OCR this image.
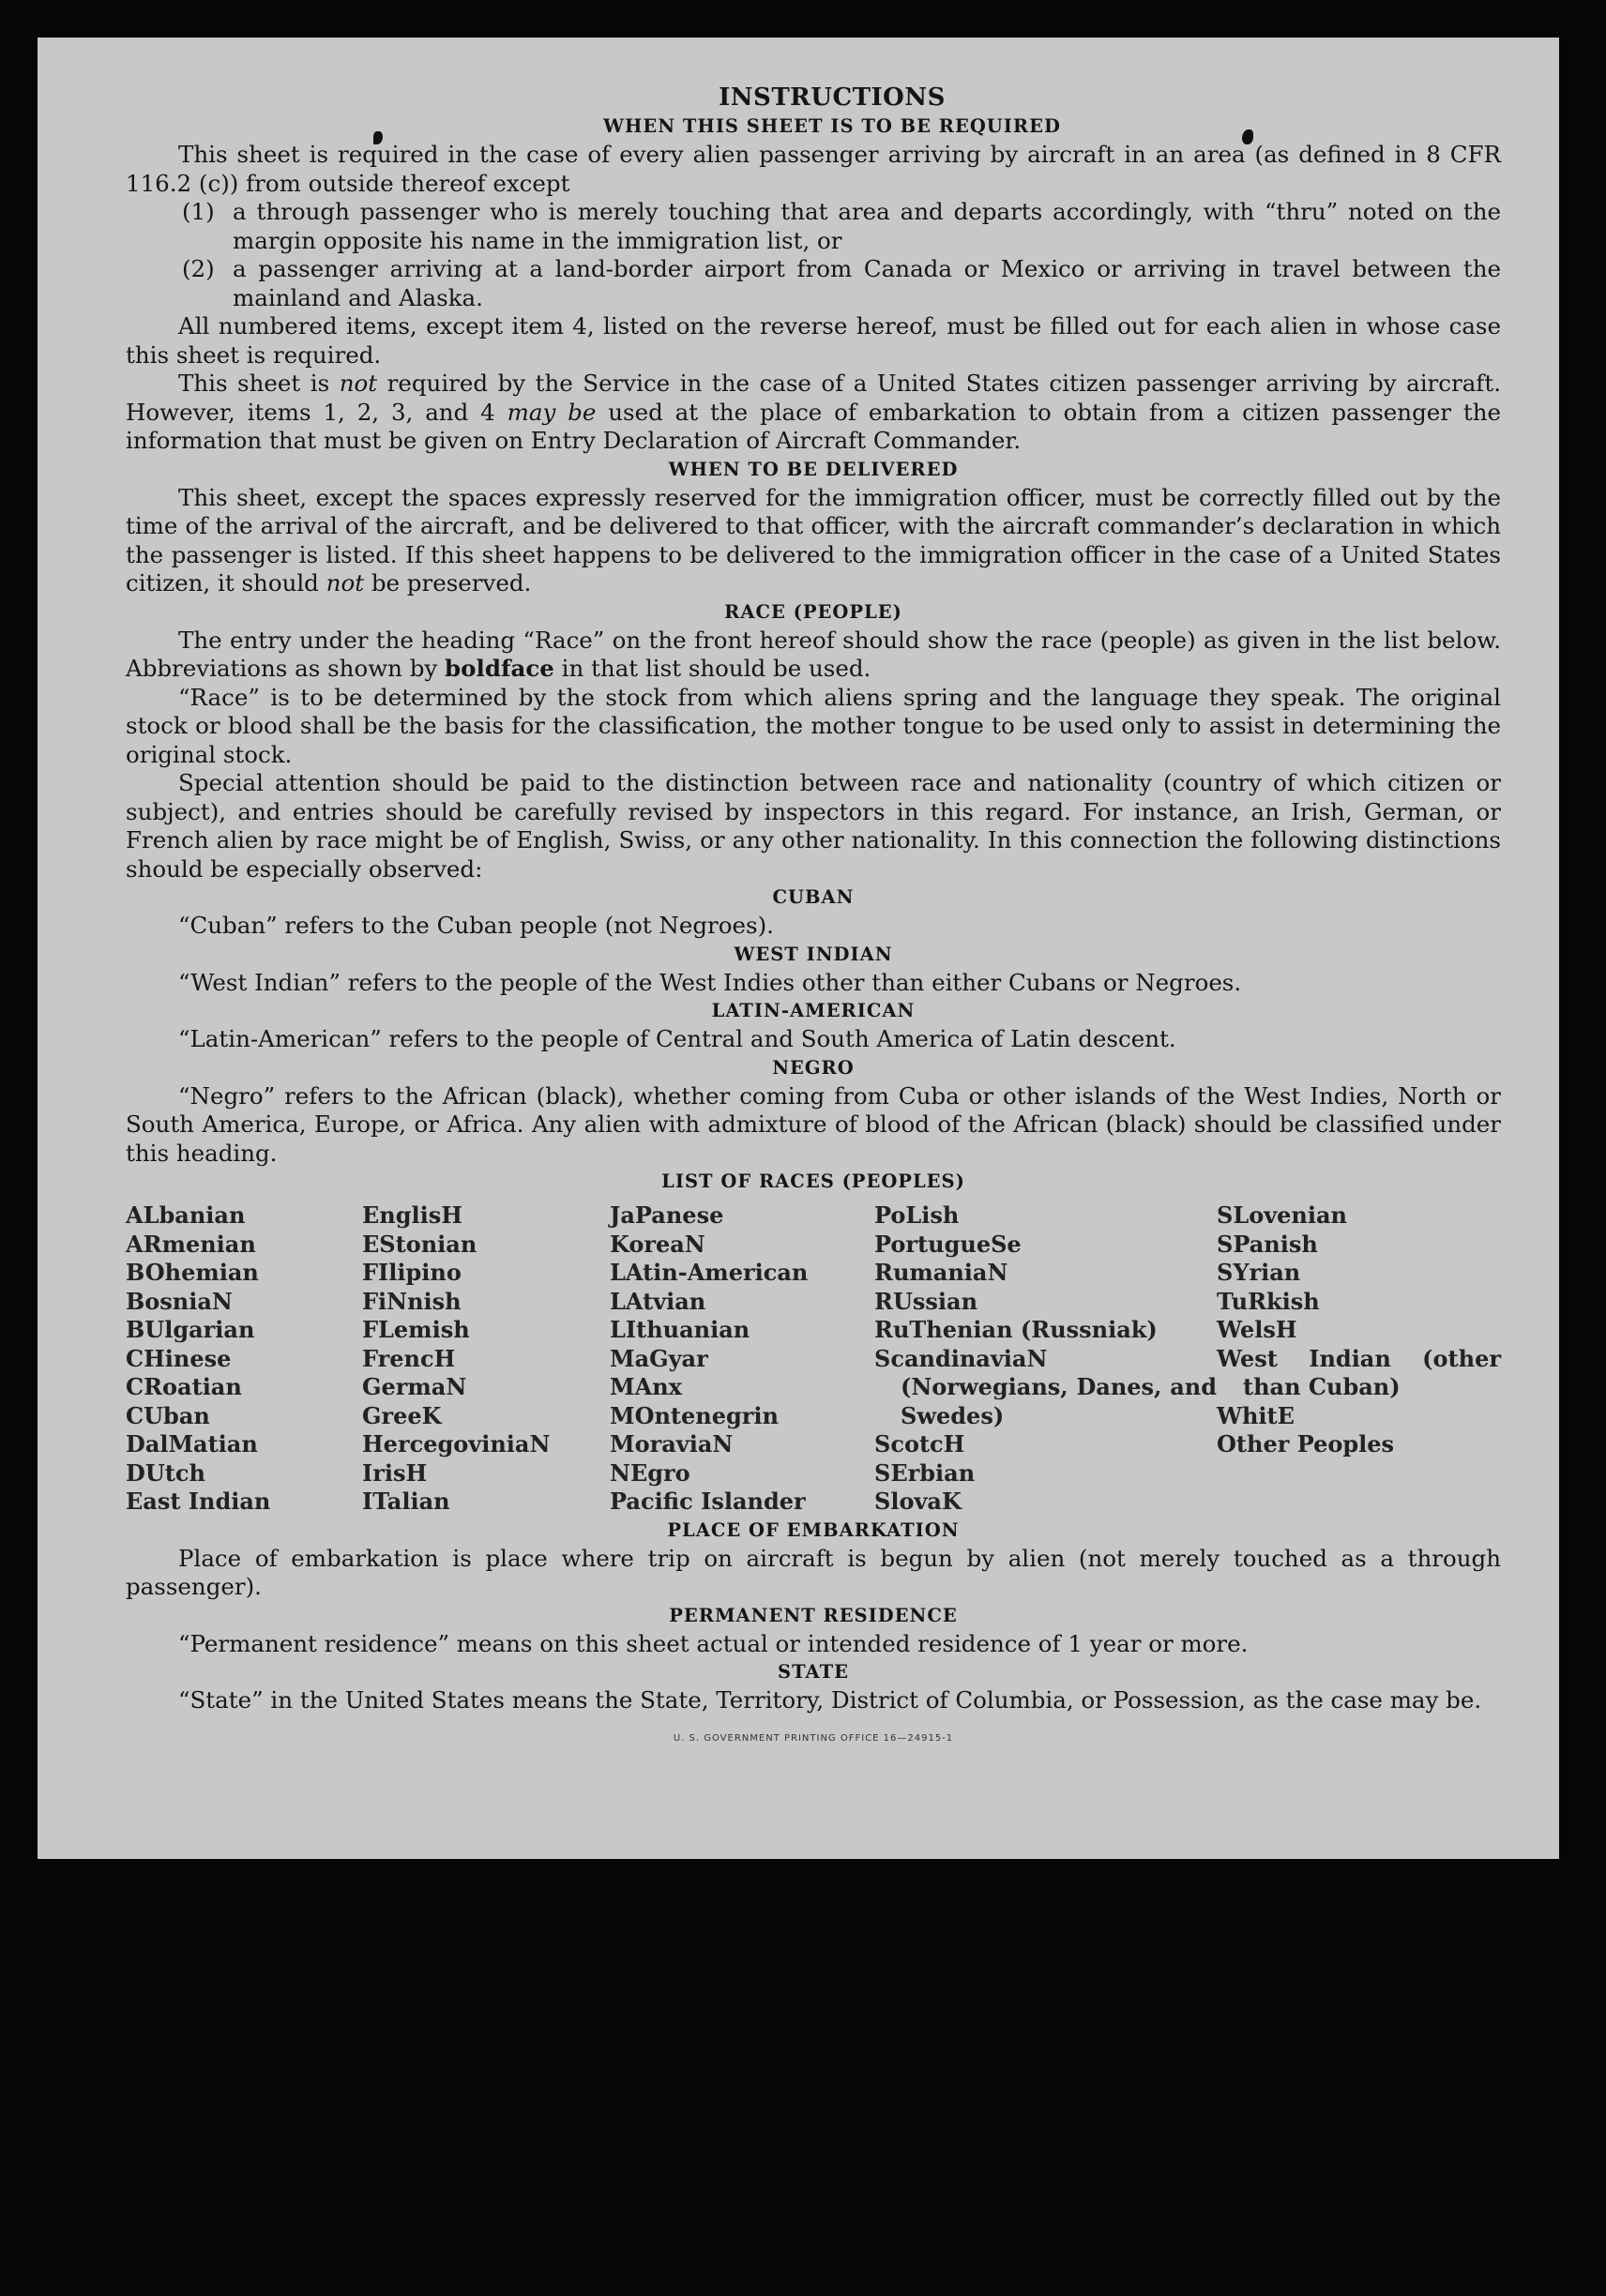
INSTRUCTIONS

WHEN THIS SHEET IS TO BE REQUIRED

This sheet is required in the case of every alien passenger arriving by aircraft in an area (as defined in 8 CFR 116.2 (c)) from outside thereof except

(1) a through passenger who is merely touching that area and departs accordingly, with “thru” noted on the margin opposite his name in the immigration list, or

(2) a passenger arriving at a land-border airport from Canada or Mexico or arriving in travel between the mainland and Alaska.

All numbered items, except item 4, listed on the reverse hereof, must be filled out for each alien in whose case this sheet is required.

This sheet is not required by the Service in the case of a United States citizen passenger arriving by aircraft. However, items 1, 2, 3, and 4 may be used at the place of embarkation to obtain from a citizen passenger the information that must be given on Entry Declaration of Aircraft Commander.

WHEN TO BE DELIVERED

This sheet, except the spaces expressly reserved for the immigration officer, must be correctly filled out by the time of the arrival of the aircraft, and be delivered to that officer, with the aircraft commander’s declaration in which the passenger is listed. If this sheet happens to be delivered to the immigration officer in the case of a United States citizen, it should not be preserved.

RACE (PEOPLE)

The entry under the heading “Race” on the front hereof should show the race (people) as given in the list below. Abbreviations as shown by boldface in that list should be used.

“Race” is to be determined by the stock from which aliens spring and the language they speak. The original stock or blood shall be the basis for the classification, the mother tongue to be used only to assist in determining the original stock.

Special attention should be paid to the distinction between race and nationality (country of which citizen or subject), and entries should be carefully revised by inspectors in this regard. For instance, an Irish, German, or French alien by race might be of English, Swiss, or any other nationality. In this connection the following distinctions should be especially observed:

CUBAN

“Cuban” refers to the Cuban people (not Negroes).

WEST INDIAN

“West Indian” refers to the people of the West Indies other than either Cubans or Negroes.

LATIN-AMERICAN

“Latin-American” refers to the people of Central and South America of Latin descent.

NEGRO

“Negro” refers to the African (black), whether coming from Cuba or other islands of the West Indies, North or South America, Europe, or Africa. Any alien with admixture of blood of the African (black) should be classified under this heading.

LIST OF RACES (PEOPLES)

ALbanian
ARmenian
BOhemian
BosniaN
BUlgarian
CHinese
CRoatian
CUban
DalMatian
DUtch
East Indian
EnglisH
EStonian
FIlipino
FiNnish
FLemish
FrencH
GermaN
GreeK
HercegoviniaN
IrisH
ITalian
JaPanese
KoreaN
LAtin-American
LAtvian
LIthuanian
MaGyar
MAnx
MOntenegrin
MoraviaN
NEgro
Pacific Islander
PoLish
PortugueSe
RumaniaN
RUssian
RuThenian (Russniak)
ScandinaviaN (Norwegians, Danes, and Swedes)
ScotcH
SErbian
SlovaK
SLovenian
SPanish
SYrian
TuRkish
WelsH
West Indian (other than Cuban)
WhitE
Other Peoples

PLACE OF EMBARKATION

Place of embarkation is place where trip on aircraft is begun by alien (not merely touched as a through passenger).

PERMANENT RESIDENCE

“Permanent residence” means on this sheet actual or intended residence of 1 year or more.

STATE

“State” in the United States means the State, Territory, District of Columbia, or Possession, as the case may be.

U. S. GOVERNMENT PRINTING OFFICE 16—24915-1
